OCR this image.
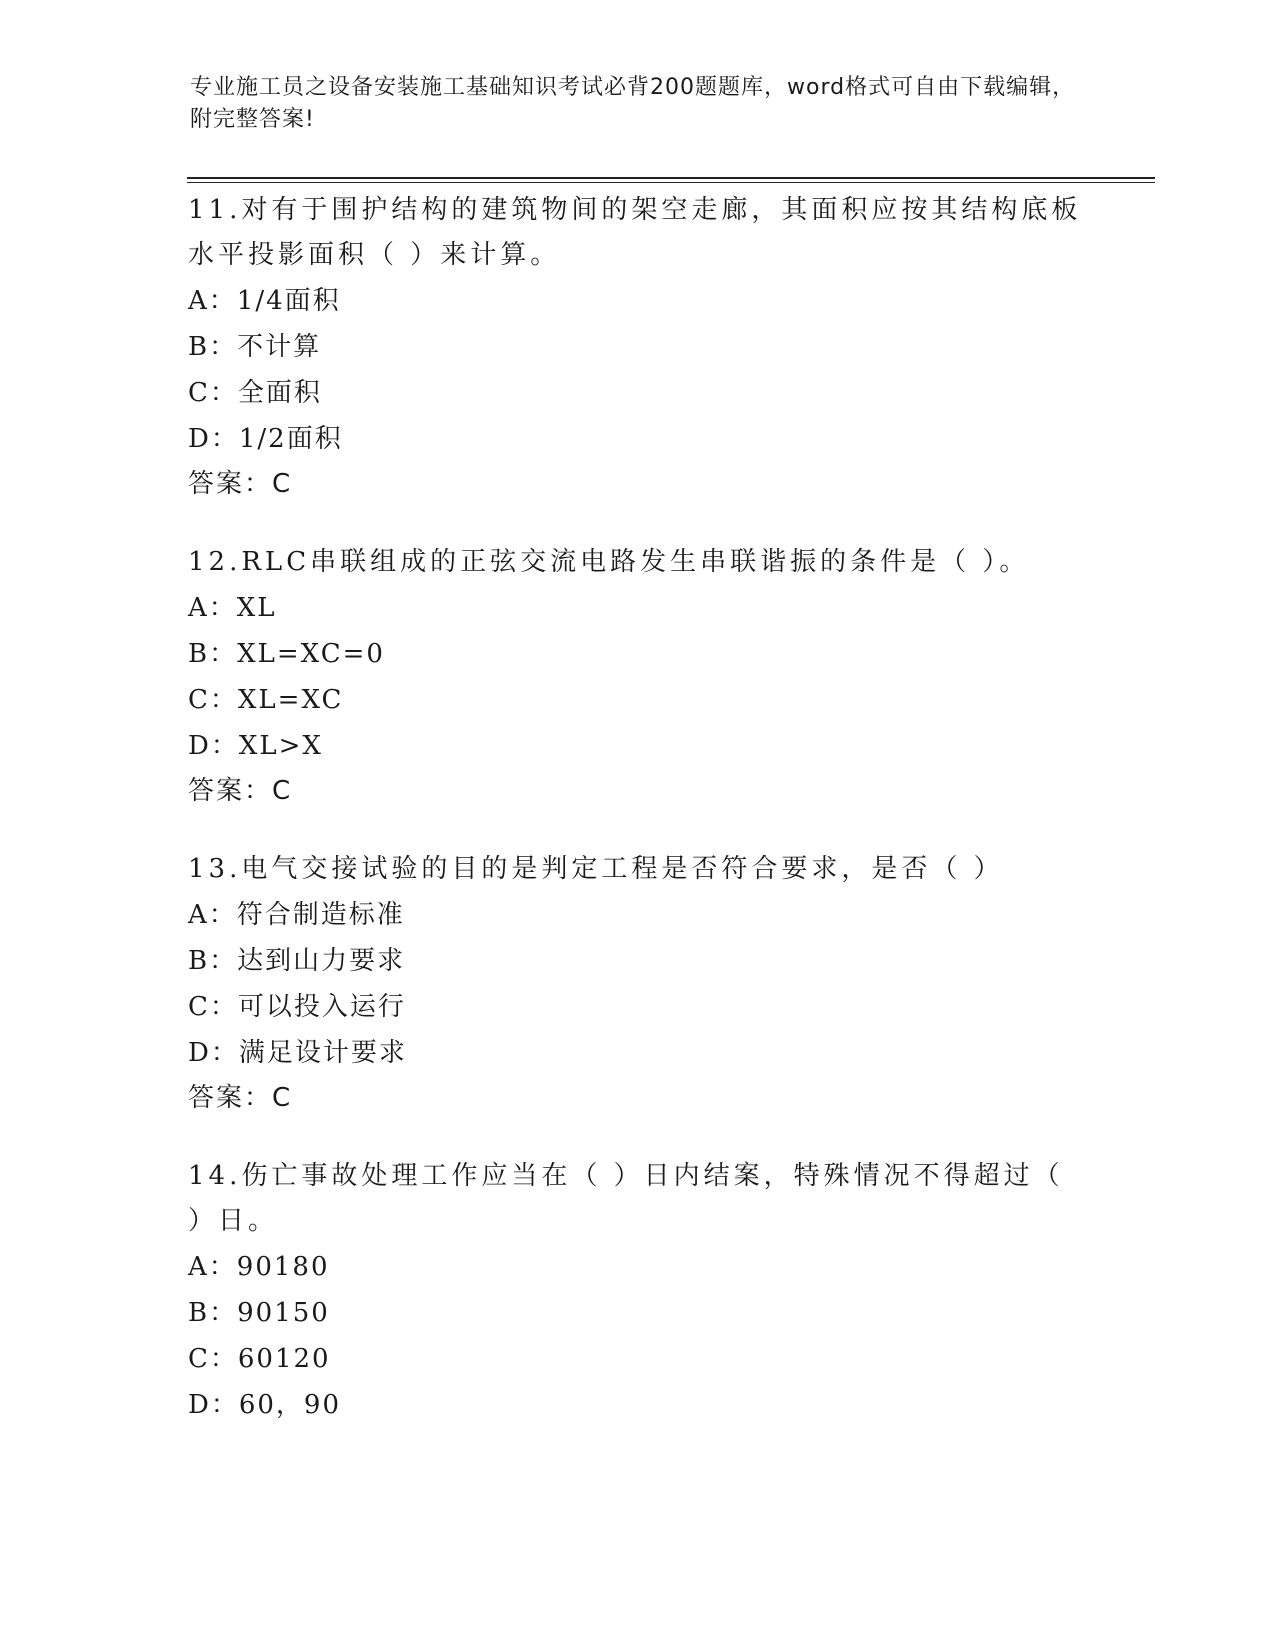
专业施工员之设备安装施工基础知识考试必背200题题库，word格式可自由下载编辑，附完整答案!

11.对有于围护结构的建筑物间的架空走廊，其面积应按其结构底板水平投影面积（ ）来计算。

A：1/4面积

B：不计算

C：全面积

D：1/2面积

答案：C

12.RLC串联组成的正弦交流电路发生串联谐振的条件是（ ）。

A：XL

B：XL=XC=0

C：XL=XC

D：XL>X

答案：C

13.电气交接试验的目的是判定工程是否符合要求，是否（ ）

A：符合制造标准

B：达到山力要求

C：可以投入运行

D：满足设计要求

答案：C

14.伤亡事故处理工作应当在（ ）日内结案，特殊情况不得超过（ ）日。

A：90180

B：90150

C：60120

D：60，90
